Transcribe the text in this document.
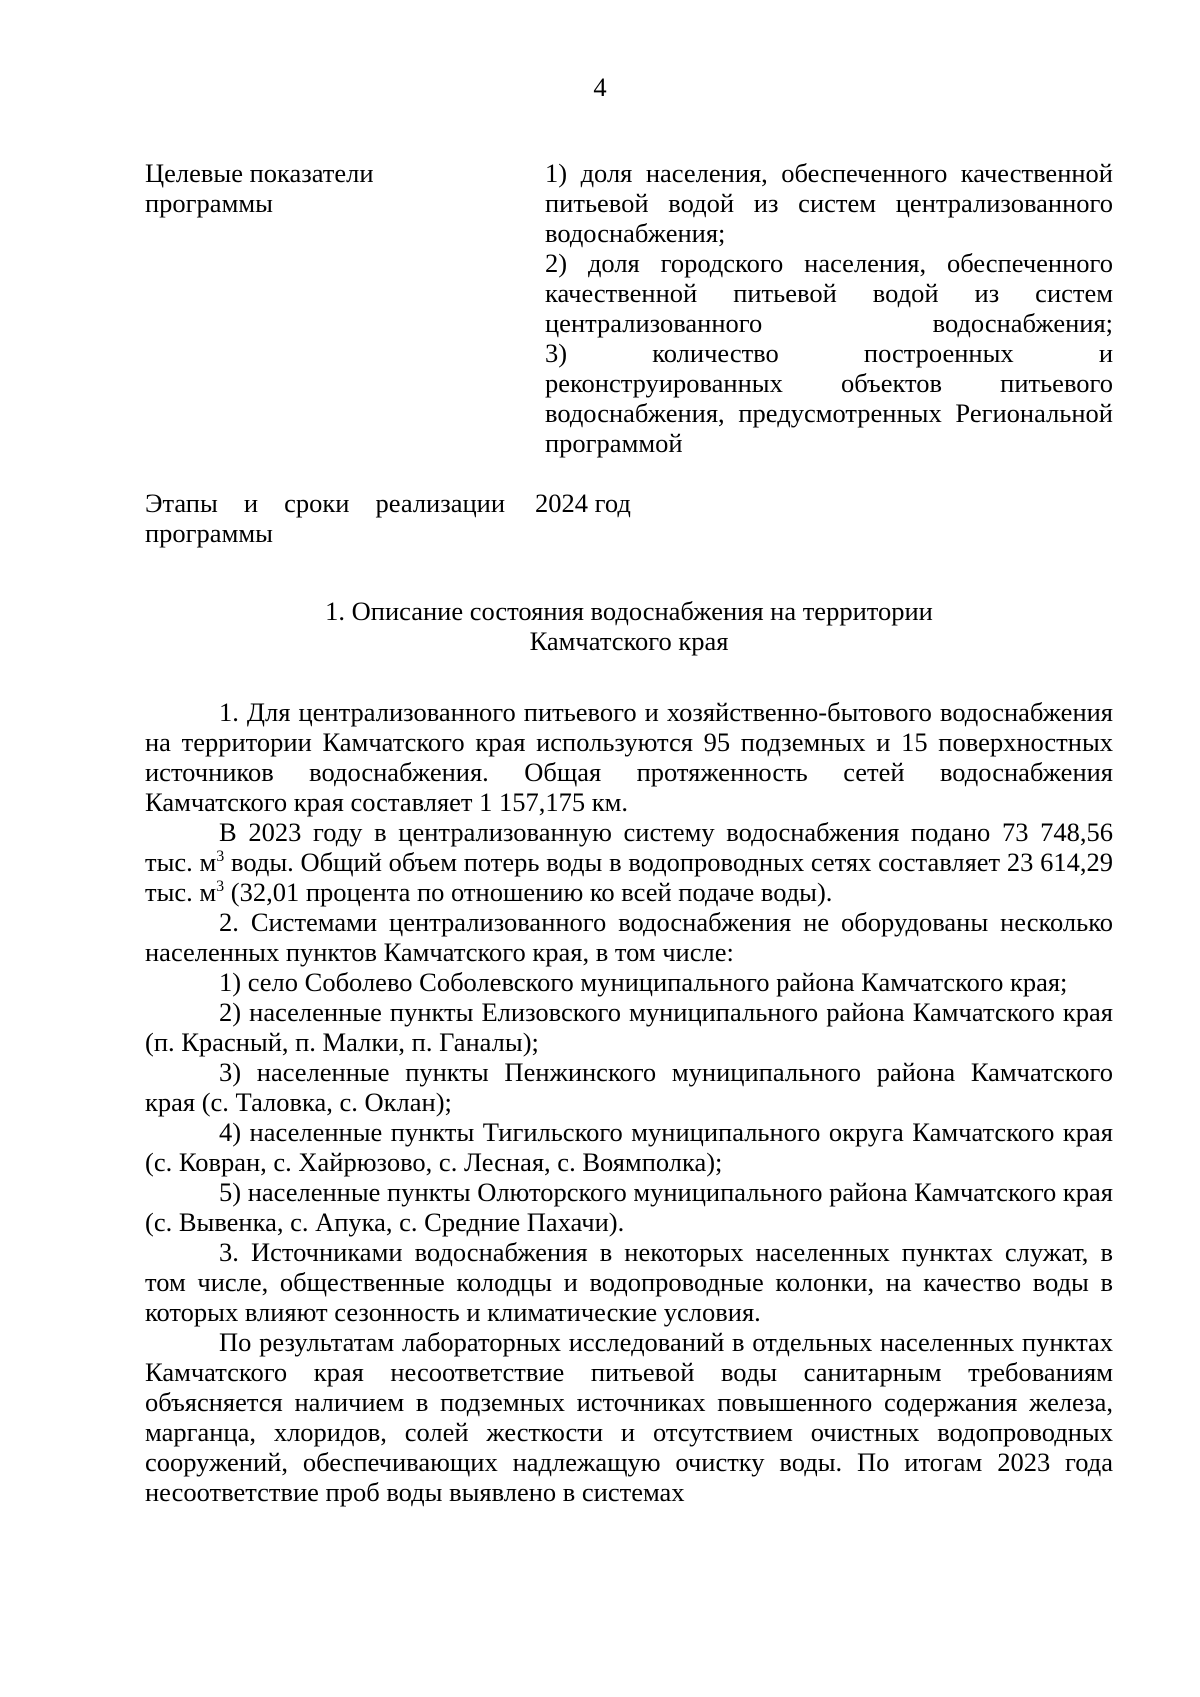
4
Целевые показатели программы

1) доля населения, обеспеченного качественной питьевой водой из систем централизованного водоснабжения;

2) доля городского населения, обеспеченного качественной питьевой водой из систем централизованного водоснабжения;

3) количество построенных и реконструированных объектов питьевого водоснабжения, предусмотренных Региональной программой

Этапы и сроки реализации
программы
2024 год
1. Описание состояния водоснабжения на территории
Камчатского края

1. Для централизованного питьевого и хозяйственно-бытового водоснабжения на территории Камчатского края используются 95 подземных и 15 поверхностных источников водоснабжения. Общая протяженность сетей водоснабжения Камчатского края составляет 1 157,175 км.

В 2023 году в централизованную систему водоснабжения подано 73 748,56 тыс. $м^3$ воды. Общий объем потерь воды в водопроводных сетях составляет 23 614,29 тыс. $м^3$ (32,01 процента по отношению ко всей подаче воды).

2. Системами централизованного водоснабжения не оборудованы несколько населенных пунктов Камчатского края, в том числе:

1) село Соболево Соболевского муниципального района Камчатского края;

2) населенные пункты Елизовского муниципального района Камчатского края (п. Красный, п. Малки, п. Ганалы);

3) населенные пункты Пенжинского муниципального района Камчатского края (с. Таловка, с. Оклан);

4) населенные пункты Тигильского муниципального округа Камчатского края (с. Ковран, с. Хайрюзово, с. Лесная, с. Воямполка);

5) населенные пункты Олюторского муниципального района Камчатского края (с. Вывенка, с. Апука, с. Средние Пахачи).

3. Источниками водоснабжения в некоторых населенных пунктах служат, в том числе, общественные колодцы и водопроводные колонки, на качество воды в которых влияют сезонность и климатические условия.

По результатам лабораторных исследований в отдельных населенных пунктах Камчатского края несоответствие питьевой воды санитарным требованиям объясняется наличием в подземных источниках повышенного содержания железа, марганца, хлоридов, солей жесткости и отсутствием очистных водопроводных сооружений, обеспечивающих надлежащую очистку воды. По итогам 2023 года несоответствие проб воды выявлено в системах
